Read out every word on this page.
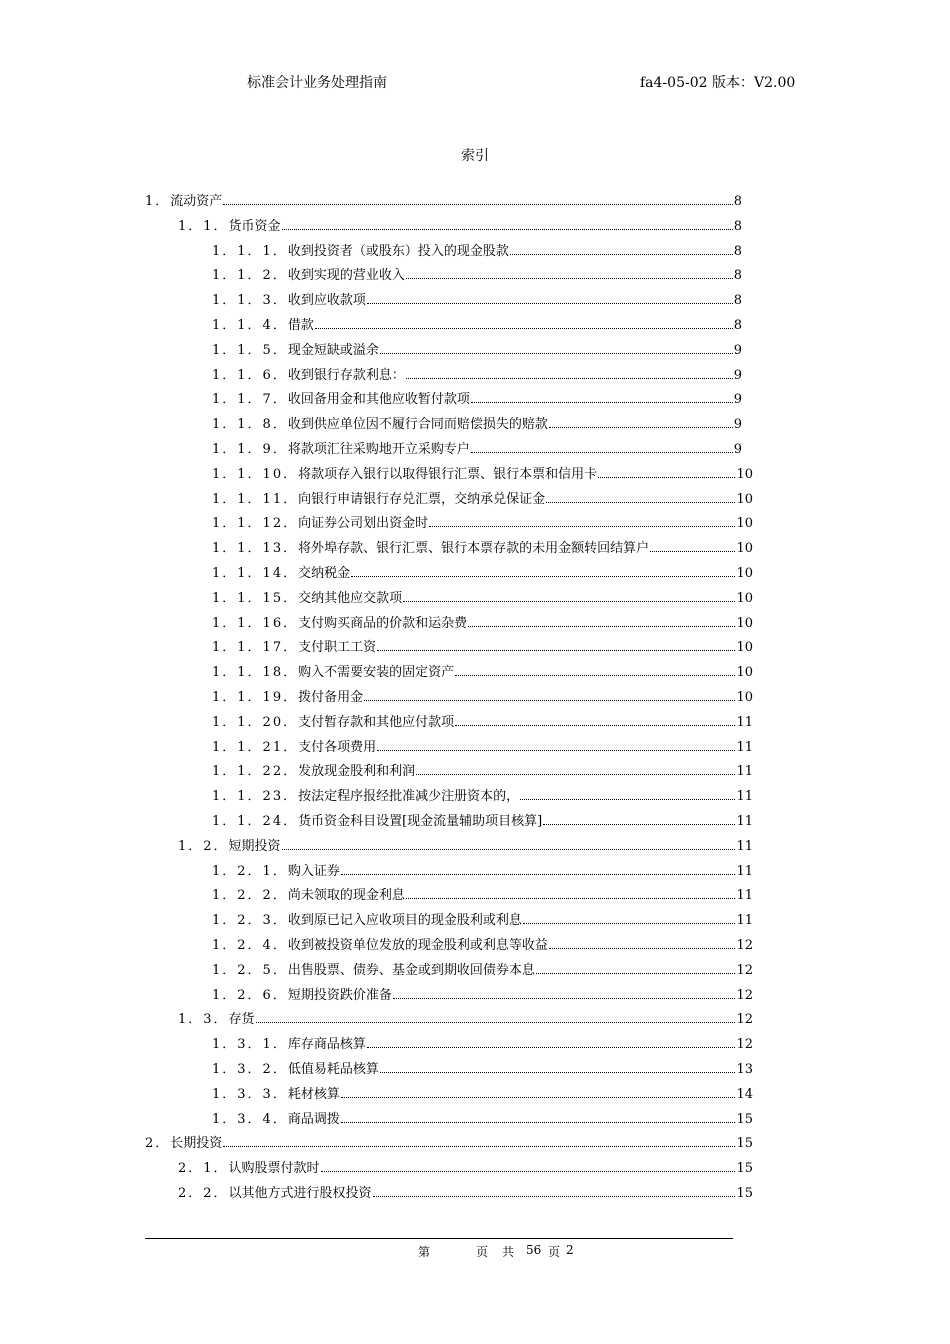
标准会计业务处理指南	fa4-05-02 版本：V2.00
索引
1． 流动资产	8
1．1． 货币资金	8
1．1．1． 收到投资者（或股东）投入的现金股款	8
1．1．2． 收到实现的营业收入	8
1．1．3． 收到应收款项	8
1．1．4． 借款	8
1．1．5． 现金短缺或溢余	9
1．1．6． 收到银行存款利息：	9
1．1．7． 收回备用金和其他应收暂付款项	9
1．1．8． 收到供应单位因不履行合同而赔偿损失的赔款	9
1．1．9． 将款项汇往采购地开立采购专户	9
1．1．10． 将款项存入银行以取得银行汇票、银行本票和信用卡	10
1．1．11． 向银行申请银行存兑汇票，交纳承兑保证金	10
1．1．12． 向证券公司划出资金时	10
1．1．13． 将外埠存款、银行汇票、银行本票存款的未用金额转回结算户	10
1．1．14． 交纳税金	10
1．1．15． 交纳其他应交款项	10
1．1．16． 支付购买商品的价款和运杂费	10
1．1．17． 支付职工工资	10
1．1．18． 购入不需要安装的固定资产	10
1．1．19． 拨付备用金	10
1．1．20． 支付暂存款和其他应付款项	11
1．1．21． 支付各项费用	11
1．1．22． 发放现金股利和利润	11
1．1．23． 按法定程序报经批准减少注册资本的，	11
1．1．24． 货币资金科目设置[现金流量辅助项目核算]	11
1．2． 短期投资	11
1．2．1． 购入证券	11
1．2．2． 尚未领取的现金利息	11
1．2．3． 收到原已记入应收项目的现金股利或利息	11
1．2．4． 收到被投资单位发放的现金股利或利息等收益	12
1．2．5． 出售股票、债券、基金或到期收回债券本息	12
1．2．6． 短期投资跌价准备	12
1．3． 存货	12
1．3．1． 库存商品核算	12
1．3．2． 低值易耗品核算	13
1．3．3． 耗材核算	14
1．3．4． 商品调拨	15
2． 长期投资	15
2．1． 认购股票付款时	15
2．2． 以其他方式进行股权投资	15
第	页 共 56 页 2
